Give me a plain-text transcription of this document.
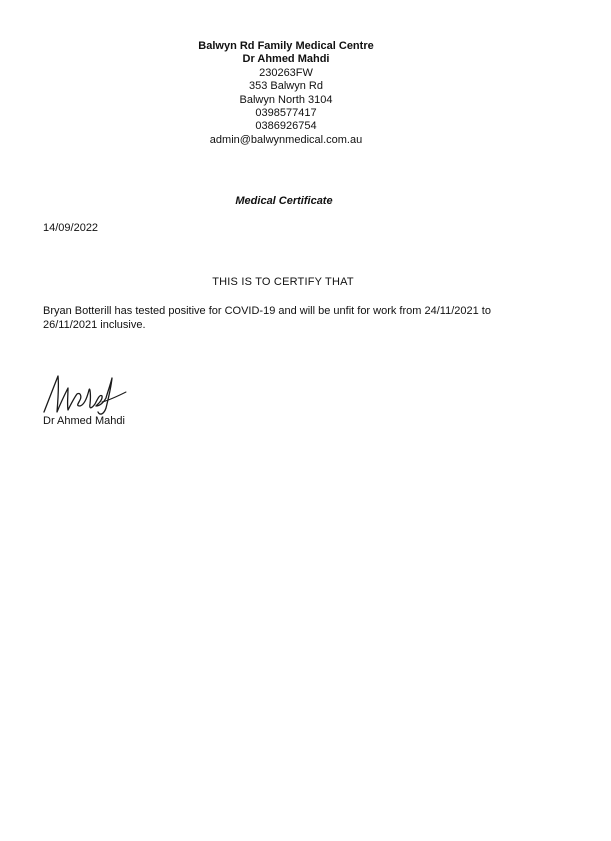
Balwyn Rd Family Medical Centre
Dr Ahmed Mahdi
230263FW
353 Balwyn Rd
Balwyn North 3104
0398577417
0386926754
admin@balwynmedical.com.au
Medical Certificate
14/09/2022
THIS IS TO CERTIFY THAT
Bryan Botterill has tested positive for COVID-19 and will be unfit for work from 24/11/2021 to
26/11/2021 inclusive.
Dr Ahmed Mahdi
